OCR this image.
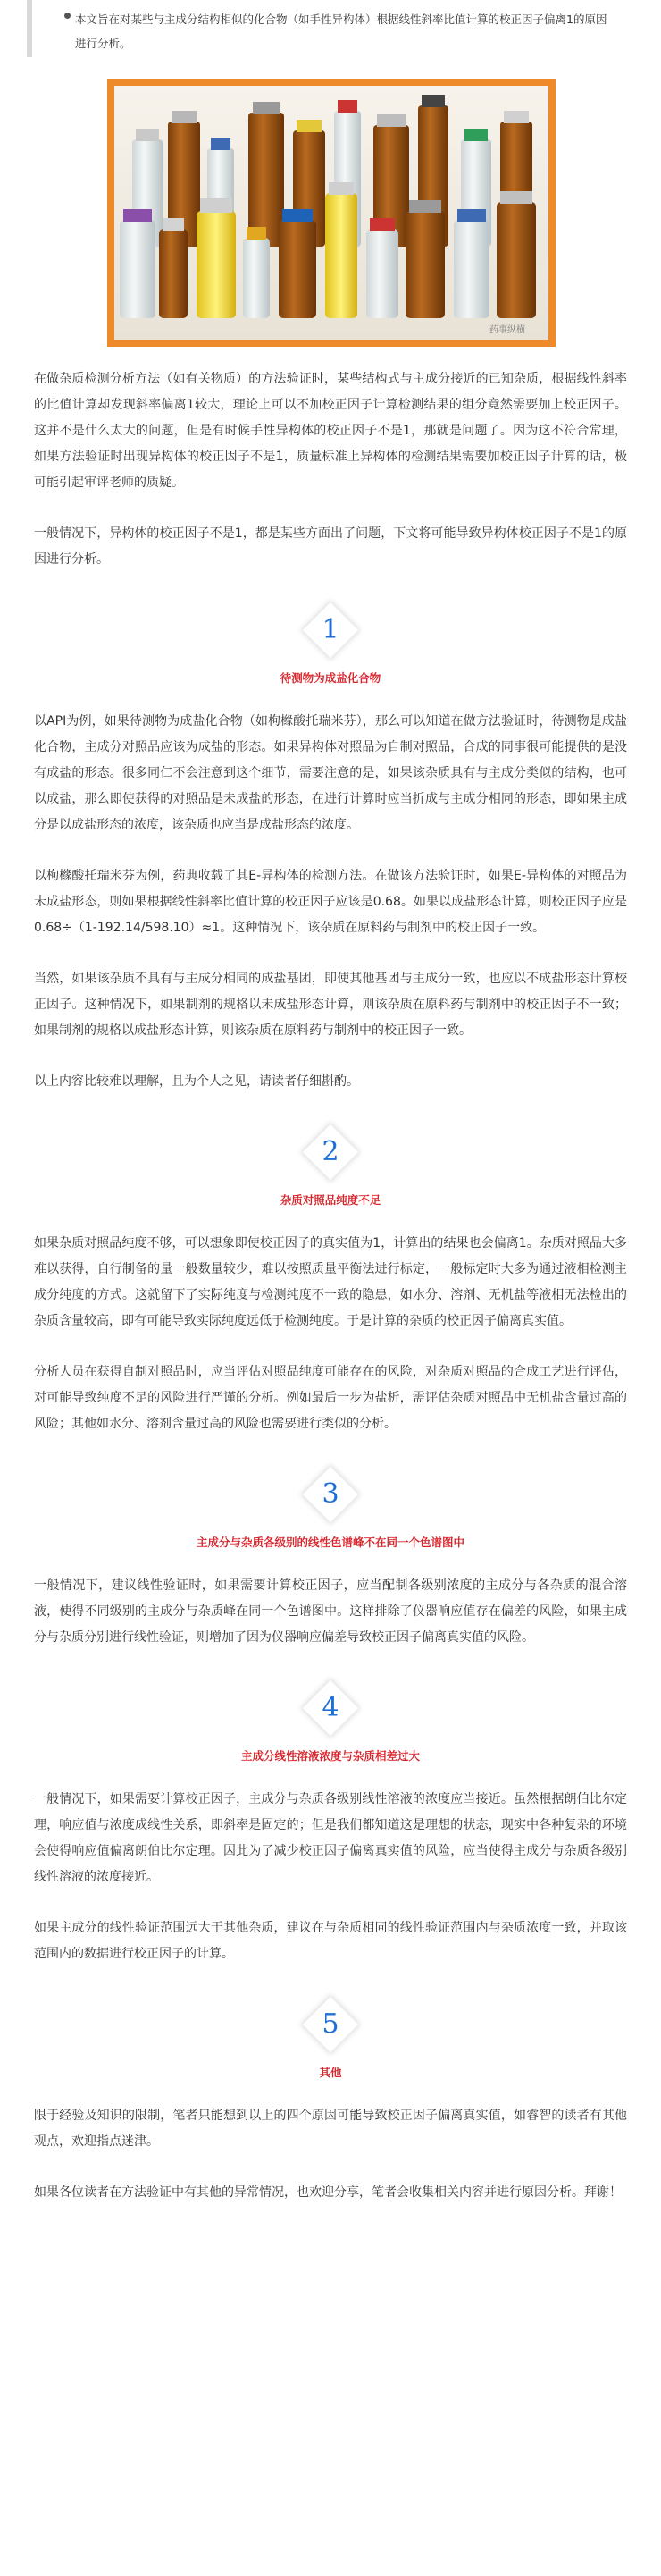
本文旨在对某些与主成分结构相似的化合物（如手性异构体）根据线性斜率比值计算的校正因子偏离1的原因进行分析。

药事纵横

在做杂质检测分析方法（如有关物质）的方法验证时，某些结构式与主成分接近的已知杂质，根据线性斜率的比值计算却发现斜率偏离1较大，理论上可以不加校正因子计算检测结果的组分竟然需要加上校正因子。这并不是什么太大的问题，但是有时候手性异构体的校正因子不是1，那就是问题了。因为这不符合常理，如果方法验证时出现异构体的校正因子不是1，质量标准上异构体的检测结果需要加校正因子计算的话，极可能引起审评老师的质疑。

一般情况下，异构体的校正因子不是1，都是某些方面出了问题，下文将可能导致异构体校正因子不是1的原因进行分析。

1
待测物为成盐化合物

以API为例，如果待测物为成盐化合物（如枸橼酸托瑞米芬），那么可以知道在做方法验证时，待测物是成盐化合物，主成分对照品应该为成盐的形态。如果异构体对照品为自制对照品，合成的同事很可能提供的是没有成盐的形态。很多同仁不会注意到这个细节，需要注意的是，如果该杂质具有与主成分类似的结构，也可以成盐，那么即使获得的对照品是未成盐的形态，在进行计算时应当折成与主成分相同的形态，即如果主成分是以成盐形态的浓度，该杂质也应当是成盐形态的浓度。

以枸橼酸托瑞米芬为例，药典收载了其E-异构体的检测方法。在做该方法验证时，如果E-异构体的对照品为未成盐形态，则如果根据线性斜率比值计算的校正因子应该是0.68。如果以成盐形态计算，则校正因子应是0.68÷（1-192.14/598.10）≈1。这种情况下，该杂质在原料药与制剂中的校正因子一致。

当然，如果该杂质不具有与主成分相同的成盐基团，即使其他基团与主成分一致，也应以不成盐形态计算校正因子。这种情况下，如果制剂的规格以未成盐形态计算，则该杂质在原料药与制剂中的校正因子不一致；如果制剂的规格以成盐形态计算，则该杂质在原料药与制剂中的校正因子一致。

以上内容比较难以理解，且为个人之见，请读者仔细斟酌。

2
杂质对照品纯度不足

如果杂质对照品纯度不够，可以想象即使校正因子的真实值为1，计算出的结果也会偏离1。杂质对照品大多难以获得，自行制备的量一般数量较少，难以按照质量平衡法进行标定，一般标定时大多为通过液相检测主成分纯度的方式。这就留下了实际纯度与检测纯度不一致的隐患，如水分、溶剂、无机盐等液相无法检出的杂质含量较高，即有可能导致实际纯度远低于检测纯度。于是计算的杂质的校正因子偏离真实值。

分析人员在获得自制对照品时，应当评估对照品纯度可能存在的风险，对杂质对照品的合成工艺进行评估，对可能导致纯度不足的风险进行严谨的分析。例如最后一步为盐析，需评估杂质对照品中无机盐含量过高的风险；其他如水分、溶剂含量过高的风险也需要进行类似的分析。

3
主成分与杂质各级别的线性色谱峰不在同一个色谱图中

一般情况下，建议线性验证时，如果需要计算校正因子，应当配制各级别浓度的主成分与各杂质的混合溶液，使得不同级别的主成分与杂质峰在同一个色谱图中。这样排除了仪器响应值存在偏差的风险，如果主成分与杂质分别进行线性验证，则增加了因为仪器响应偏差导致校正因子偏离真实值的风险。

4
主成分线性溶液浓度与杂质相差过大

一般情况下，如果需要计算校正因子，主成分与杂质各级别线性溶液的浓度应当接近。虽然根据朗伯比尔定理，响应值与浓度成线性关系，即斜率是固定的；但是我们都知道这是理想的状态，现实中各种复杂的环境会使得响应值偏离朗伯比尔定理。因此为了减少校正因子偏离真实值的风险，应当使得主成分与杂质各级别线性溶液的浓度接近。

如果主成分的线性验证范围远大于其他杂质，建议在与杂质相同的线性验证范围内与杂质浓度一致，并取该范围内的数据进行校正因子的计算。

5
其他

限于经验及知识的限制，笔者只能想到以上的四个原因可能导致校正因子偏离真实值，如睿智的读者有其他观点，欢迎指点迷津。

如果各位读者在方法验证中有其他的异常情况，也欢迎分享，笔者会收集相关内容并进行原因分析。拜谢！
